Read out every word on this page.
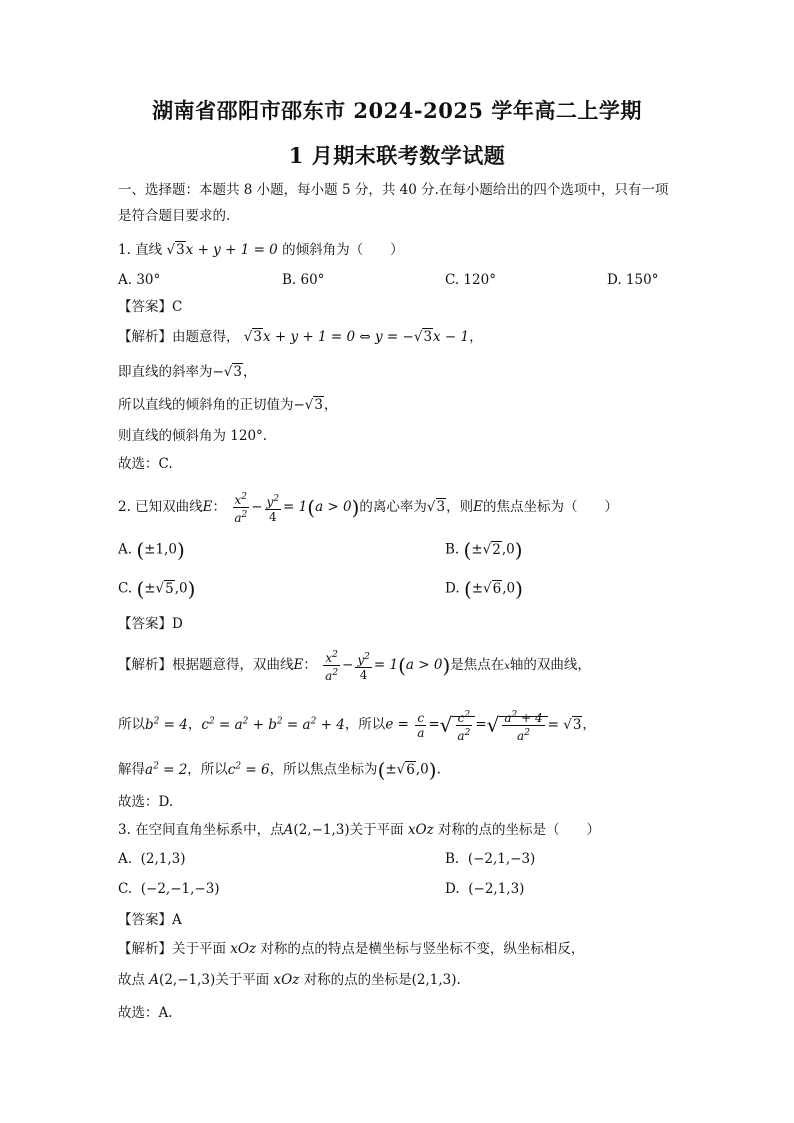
湖南省邵阳市邵东市 2024-2025 学年高二上学期
1 月期末联考数学试题
一、选择题：本题共 8 小题，每小题 5 分，共 40 分.在每小题给出的四个选项中，只有一项
是符合题目要求的.
1. 直线 √3x + y + 1 = 0 的倾斜角为（　　）
A. 30°	B. 60°	C. 120°	D. 150°
【答案】C
【解析】由题意得， √3x + y + 1 = 0 ⇔ y = −√3x − 1，
即直线的斜率为−√3，
所以直线的倾斜角的正切值为−√3，
则直线的倾斜角为 120°.
故选：C.
2. 已知双曲线E： $\frac{x^2}{a^2} - \frac{y^2}{4} = 1(a > 0)$的离心率为√3，则E的焦点坐标为（　　）
A. (±1,0)	B. (±√2,0)
C. (±√5,0)	D. (±√6,0)
【答案】D
【解析】根据题意得，双曲线E： $\frac{x^2}{a^2} - \frac{y^2}{4} = 1(a > 0)$是焦点在x轴的双曲线，
所以$b^2 = 4$，$c^2 = a^2 + b^2 = a^2 + 4$，所以$e = \frac{c}{a}$ =√ $\frac{c^2}{a^2}$ =√ $\frac{a^2 + 4}{a^2} = √3$，
解得$a^2 = 2$，所以$c^2 = 6$，所以焦点坐标为(±√6,0).
故选：D.
3. 在空间直角坐标系中，点A(2,−1,3)关于平面 xOz 对称的点的坐标是（　　）
A. (2,1,3)	B. (−2,1,−3)
C. (−2,−1,−3)	D. (−2,1,3)
【答案】A
【解析】关于平面 xOz 对称的点的特点是横坐标与竖坐标不变，纵坐标相反，
故点 A(2,−1,3)关于平面 xOz 对称的点的坐标是(2,1,3).
故选：A.
